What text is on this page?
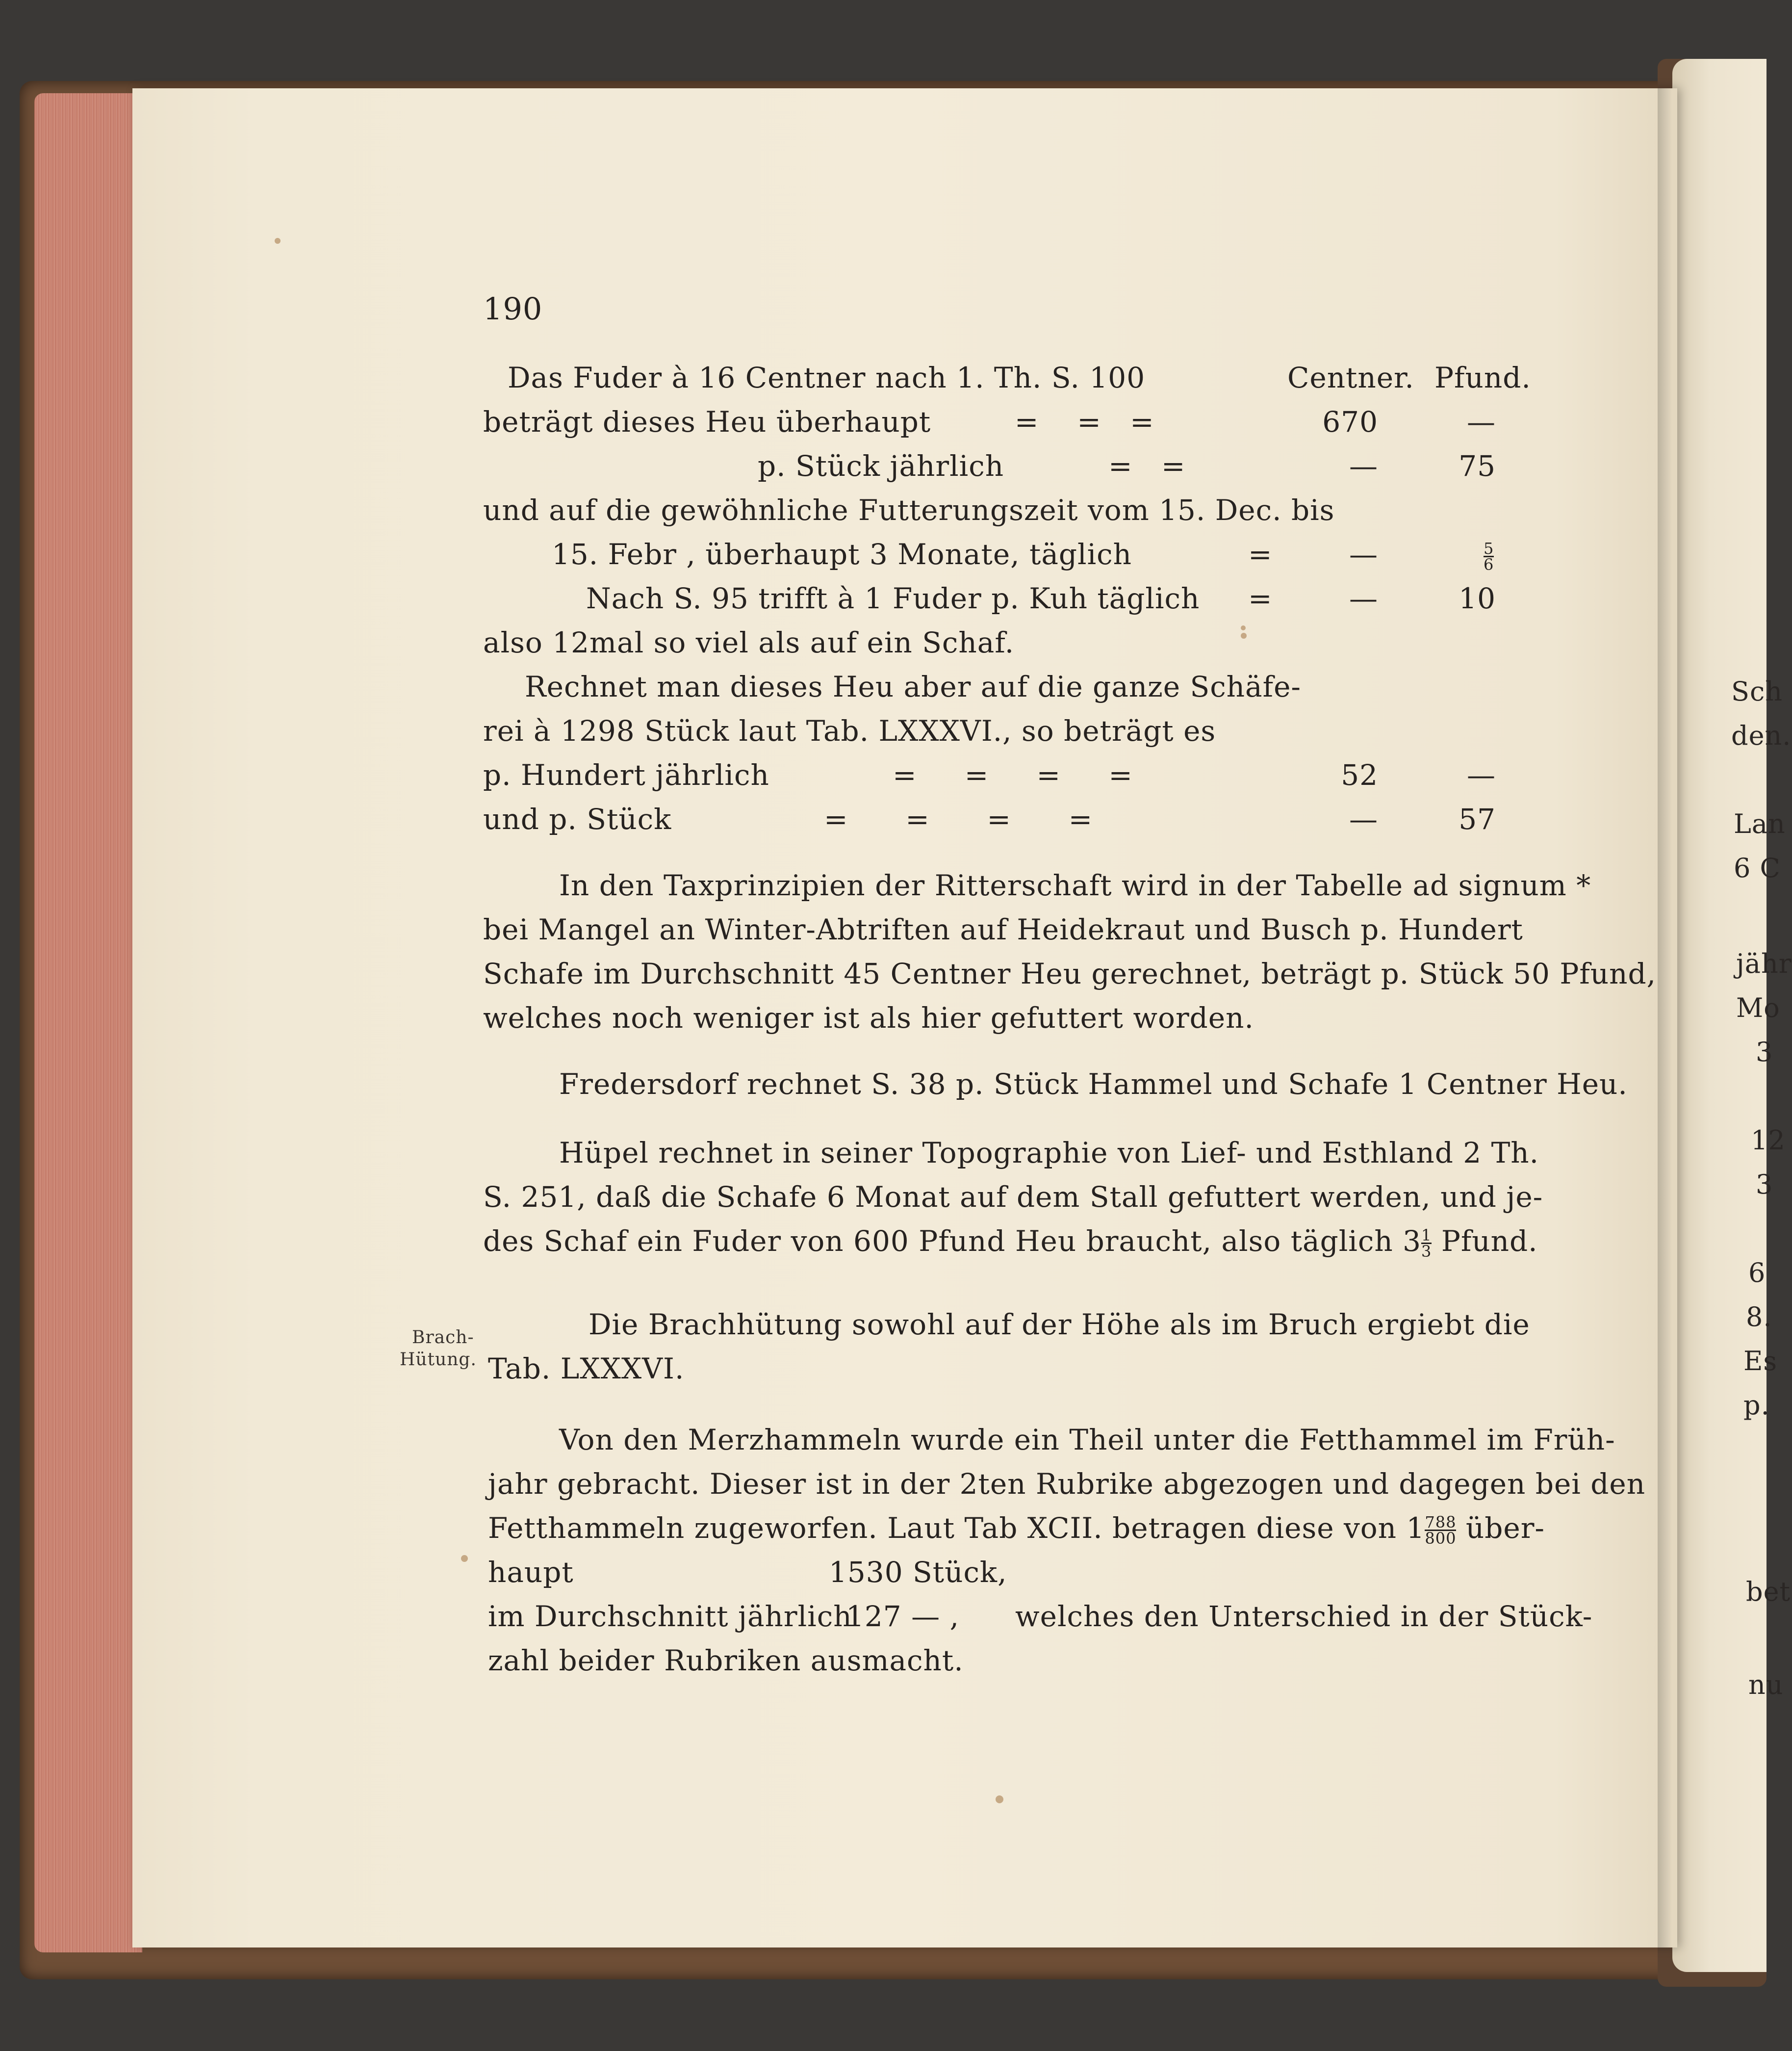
190
Das Fuder à 16 Centner nach 1. Th. S. 100	Centner. Pfund.
beträgt dieses Heu überhaupt =    =   =	670	—
p. Stück jährlich	=   =	—	75
und auf die gewöhnliche Futterungszeit vom 15. Dec. bis
15. Febr , überhaupt 3 Monate, täglich	=	—	$\frac{5}{6}$
Nach S. 95 trifft à 1 Fuder p. Kuh täglich =	—	10
also 12mal so viel als auf ein Schaf.
Rechnet man dieses Heu aber auf die ganze Schäfe-
rei à 1298 Stück laut Tab. LXXXVI., so beträgt es
p. Hundert jährlich	=     =     =     =	52	—
und p. Stück	=      =      =      =	—	57
In den Taxprinzipien der Ritterschaft wird in der Tabelle ad signum *
bei Mangel an Winter-Abtriften auf Heidekraut und Busch p. Hundert
Schafe im Durchschnitt 45 Centner Heu gerechnet, beträgt p. Stück 50 Pfund,
welches noch weniger ist als hier gefuttert worden.
Fredersdorf rechnet S. 38 p. Stück Hammel und Schafe 1 Centner Heu.
Hüpel rechnet in seiner Topographie von Lief- und Esthland 2 Th.
S. 251, daß die Schafe 6 Monat auf dem Stall gefuttert werden, und je-
des Schaf ein Fuder von 600 Pfund Heu braucht, also täglich $3 \frac{1}{3}$ Pfund.
Brach-
Hütung.
Die Brachhütung sowohl auf der Höhe als im Bruch ergiebt die
Tab. LXXXVI.
Von den Merzhammeln wurde ein Theil unter die Fetthammel im Früh-
jahr gebracht. Dieser ist in der 2ten Rubrike abgezogen und dagegen bei den
Fetthammeln zugeworfen. Laut Tab XCII. betragen diese von $1 \frac{788}{800}$ über-
haupt	1530 Stück,
im Durchschnitt jährlich
127 — , welches den Unterschied in der Stück-
zahl beider Rubriken ausmacht.
Sch
den.
Lan
6 C
jähr
Mo
3
12
3
6
8.
Es
p.
bet
nu
